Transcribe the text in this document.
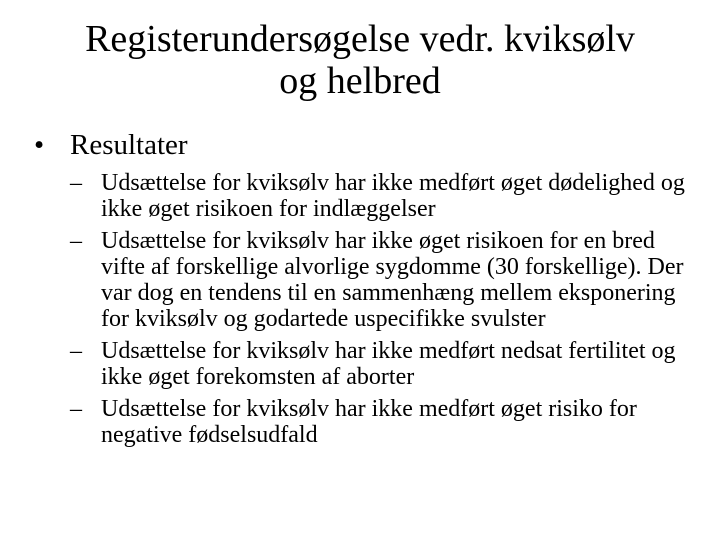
Registerundersøgelse vedr. kviksølv
og helbred
• Resultater
– Udsættelse for kviksølv har ikke medført øget dødelighed og ikke øget risikoen for indlæggelser
– Udsættelse for kviksølv har ikke øget risikoen for en bred vifte af forskellige alvorlige sygdomme (30 forskellige). Der var dog en tendens til en sammenhæng mellem eksponering for kviksølv og godartede uspecifikke svulster
– Udsættelse for kviksølv har ikke medført nedsat fertilitet og ikke øget forekomsten af aborter
– Udsættelse for kviksølv har ikke medført øget risiko for negative fødselsudfald
